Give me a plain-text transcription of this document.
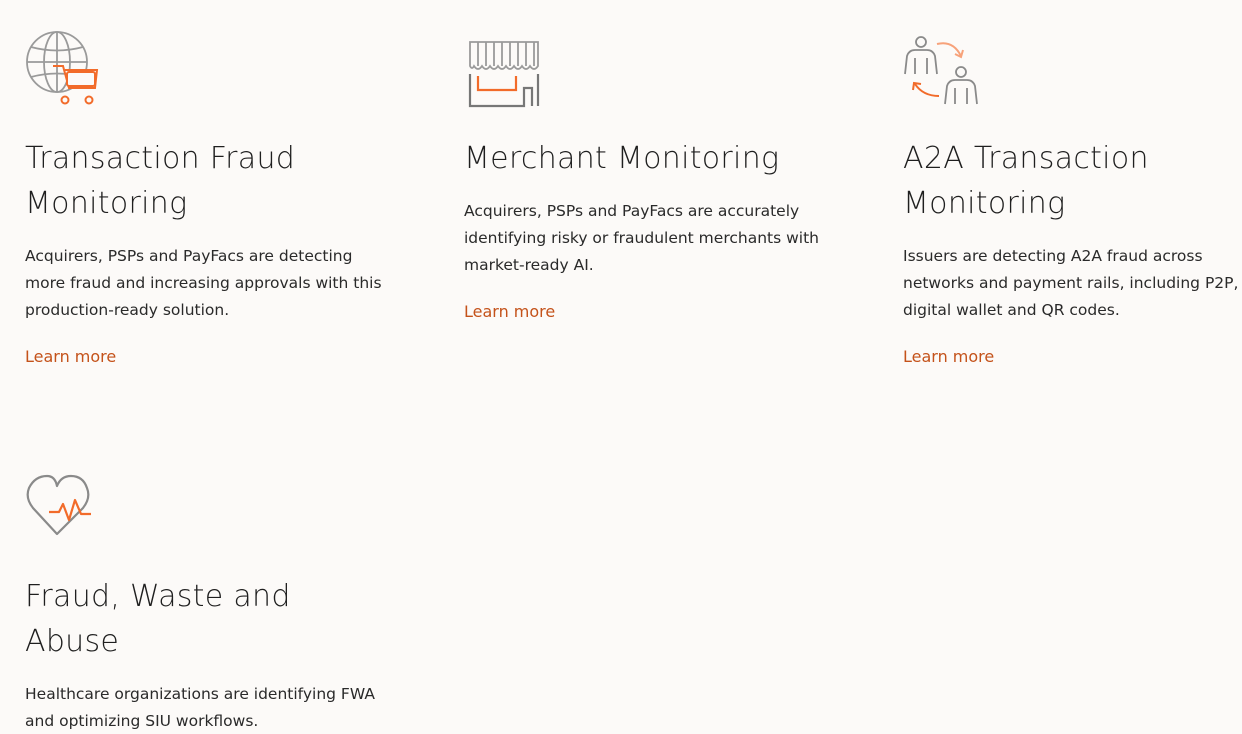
Transaction Fraud Monitoring
Acquirers, PSPs and PayFacs are detecting more fraud and increasing approvals with this production-ready solution.
Learn more
Merchant Monitoring
Acquirers, PSPs and PayFacs are accurately identifying risky or fraudulent merchants with market-ready AI.
Learn more
A2A Transaction Monitoring
Issuers are detecting A2A fraud across networks and payment rails, including P2P, digital wallet and QR codes.
Learn more
Fraud, Waste and Abuse
Healthcare organizations are identifying FWA and optimizing SIU workflows.
